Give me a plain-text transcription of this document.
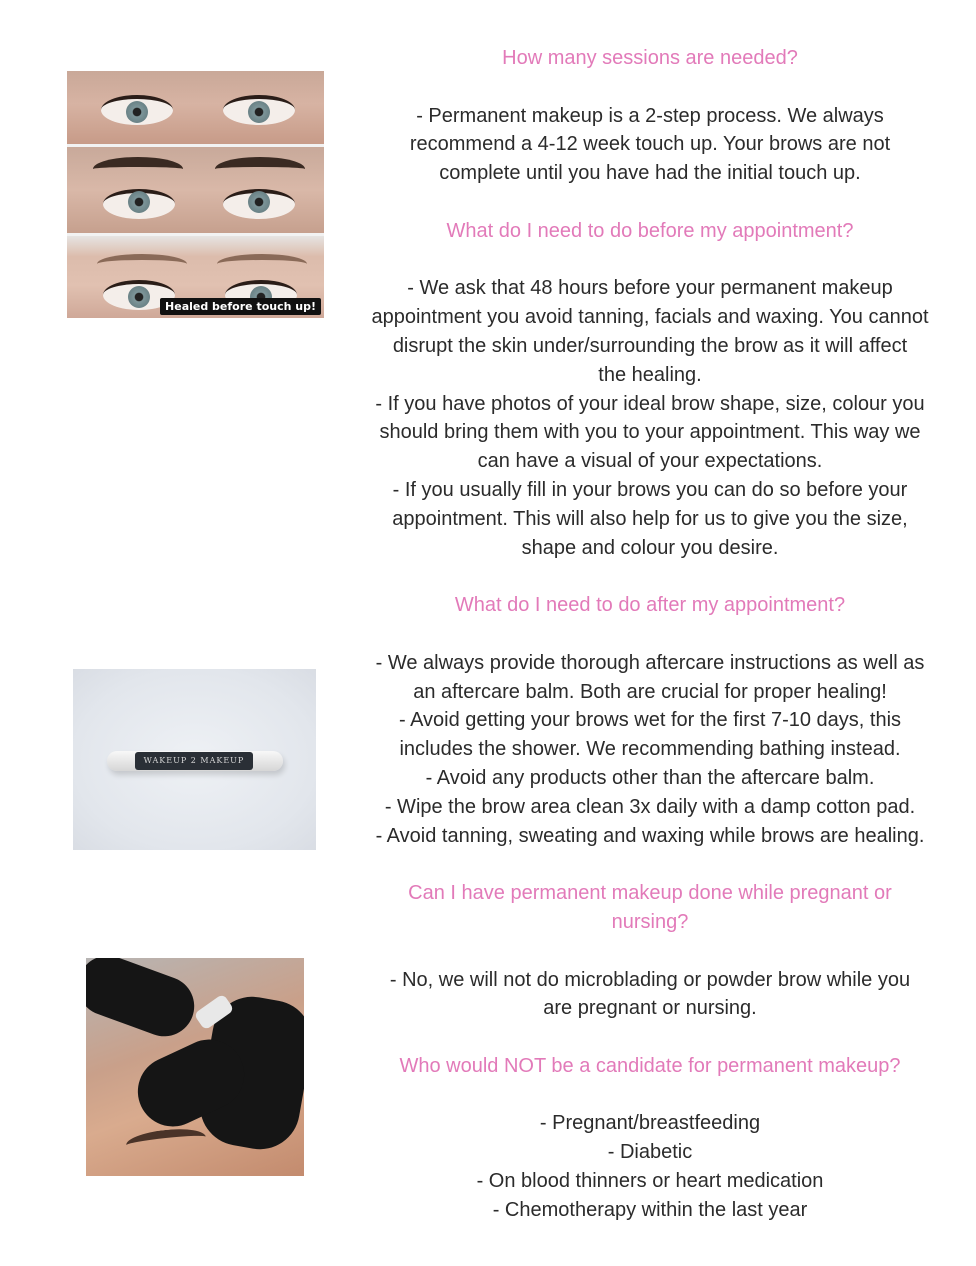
Healed before touch up!
WAKEUP 2 MAKEUP

How many sessions are needed?

- Permanent makeup is a 2-step process. We always

recommend a 4-12 week touch up. Your brows are not

complete until you have had the initial touch up.

What do I need to do before my appointment?

- We ask that 48 hours before your permanent makeup

appointment you avoid tanning, facials and waxing. You cannot

disrupt the skin under/surrounding the brow as it will affect

the healing.

- If you have photos of your ideal brow shape, size, colour you

should bring them with you to your appointment. This way we

can have a visual of your expectations.

- If you usually fill in your brows you can do so before your

appointment. This will also help for us to give you the size,

shape and colour you desire.

What do I need to do after my appointment?

- We always provide thorough aftercare instructions as well as

an aftercare balm. Both are crucial for proper healing!

- Avoid getting your brows wet for the first 7-10 days, this

includes the shower. We recommending bathing instead.

- Avoid any products other than the aftercare balm.

- Wipe the brow area clean 3x daily with a damp cotton pad.

- Avoid tanning, sweating and waxing while brows are healing.

Can I have permanent makeup done while pregnant or

nursing?

- No, we will not do microblading or powder brow while you

are pregnant or nursing.

Who would NOT be a candidate for permanent makeup?

- Pregnant/breastfeeding

- Diabetic

- On blood thinners or heart medication

- Chemotherapy within the last year
